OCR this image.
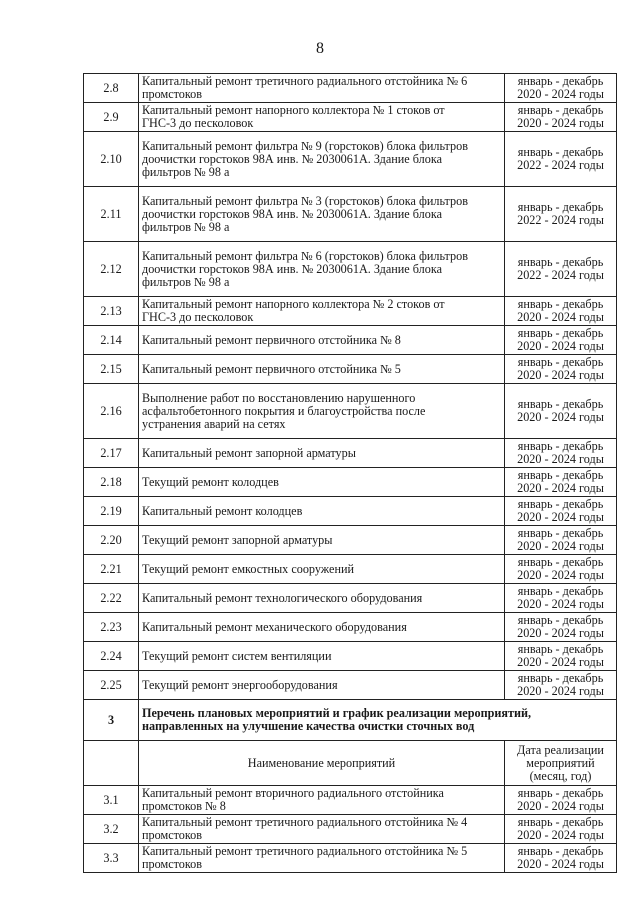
8
2.8	Капитальный ремонт третичного радиального отстойника № 6
промстоков	январь - декабрь
2020 - 2024 годы

2.9	Капитальный ремонт напорного коллектора № 1 стоков от
ГНС-3 до песколовок	январь - декабрь
2020 - 2024 годы

2.10	Капитальный ремонт фильтра № 9 (горстоков) блока фильтров
доочистки горстоков 98А инв. № 2030061А. Здание блока
фильтров № 98 а	январь - декабрь
2022 - 2024 годы

2.11	Капитальный ремонт фильтра № 3 (горстоков) блока фильтров
доочистки горстоков 98А инв. № 2030061А. Здание блока
фильтров № 98 а	январь - декабрь
2022 - 2024 годы

2.12	Капитальный ремонт фильтра № 6 (горстоков) блока фильтров
доочистки горстоков 98А инв. № 2030061А. Здание блока
фильтров № 98 а	январь - декабрь
2022 - 2024 годы

2.13	Капитальный ремонт напорного коллектора № 2 стоков от
ГНС-3 до песколовок	январь - декабрь
2020 - 2024 годы

2.14	Капитальный ремонт первичного отстойника № 8	январь - декабрь
2020 - 2024 годы

2.15	Капитальный ремонт первичного отстойника № 5	январь - декабрь
2020 - 2024 годы

2.16	Выполнение работ по восстановлению нарушенного
асфальтобетонного покрытия и благоустройства после
устранения аварий на сетях	январь - декабрь
2020 - 2024 годы

2.17	Капитальный ремонт запорной арматуры	январь - декабрь
2020 - 2024 годы

2.18	Текущий ремонт колодцев	январь - декабрь
2020 - 2024 годы

2.19	Капитальный ремонт колодцев	январь - декабрь
2020 - 2024 годы

2.20	Текущий ремонт запорной арматуры	январь - декабрь
2020 - 2024 годы

2.21	Текущий ремонт емкостных сооружений	январь - декабрь
2020 - 2024 годы

2.22	Капитальный ремонт технологического оборудования	январь - декабрь
2020 - 2024 годы

2.23	Капитальный ремонт механического оборудования	январь - декабрь
2020 - 2024 годы

2.24	Текущий ремонт систем вентиляции	январь - декабрь
2020 - 2024 годы

2.25	Текущий ремонт энергооборудования	январь - декабрь
2020 - 2024 годы

3	Перечень плановых мероприятий и график реализации мероприятий,
направленных на улучшение качества очистки сточных вод	

	Наименование мероприятий	Дата реализации
мероприятий
(месяц, год)

3.1	Капитальный ремонт вторичного радиального отстойника
промстоков № 8	январь - декабрь
2020 - 2024 годы

3.2	Капитальный ремонт третичного радиального отстойника № 4
промстоков	январь - декабрь
2020 - 2024 годы

3.3	Капитальный ремонт третичного радиального отстойника № 5
промстоков	январь - декабрь
2020 - 2024 годы
